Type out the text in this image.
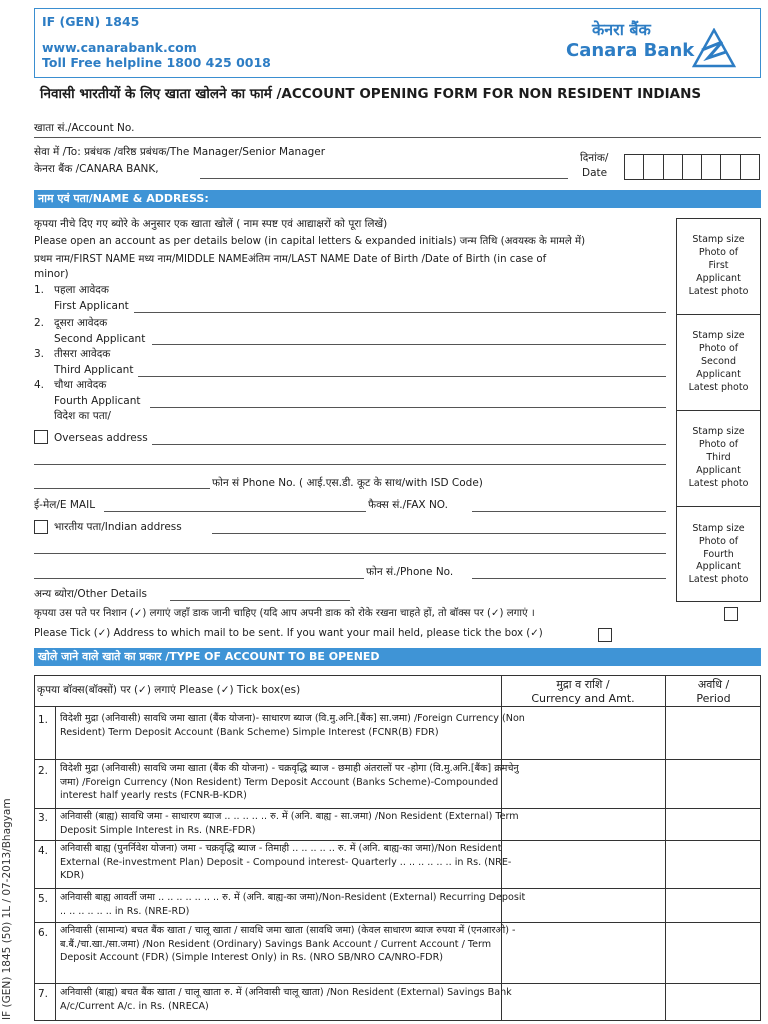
IF (GEN) 1845
www.canarabank.com
Toll Free helpline 1800 425 0018
केनरा बैंक
Canara Bank
निवासी भारतीयों के लिए खाता खोलने का फार्म /ACCOUNT OPENING FORM FOR NON RESIDENT INDIANS
खाता सं./Account No.
सेवा में /To: प्रबंधक /वरिष्ठ प्रबंधक/The Manager/Senior Manager
केनरा बैंक /CANARA BANK,
दिनांक/
Date
नाम एवं पता/NAME & ADDRESS:
कृपया नीचे दिए गए ब्योरे के अनुसार एक खाता खोलें ( नाम स्पष्ट एवं आद्याक्षरों को पूरा लिखें)
Please open an account as per details below (in capital letters & expanded initials) जन्म तिथि (अवयस्क के मामले में)
प्रथम नाम/FIRST NAME मध्य नाम/MIDDLE NAMEअंतिम नाम/LAST NAME Date of Birth /Date of Birth (in case of
minor)
1. पहला आवेदक
First Applicant
2. दूसरा आवेदक
Second Applicant
3. तीसरा आवेदक
Third Applicant
4. चौथा आवेदक
Fourth Applicant
Stamp size
Photo of
First
Applicant
Latest photo
Stamp size
Photo of
Second
Applicant
Latest photo
Stamp size
Photo of
Third
Applicant
Latest photo
Stamp size
Photo of
Fourth
Applicant
Latest photo
विदेश का पता/
Overseas address
फोन सं Phone No. ( आई.एस.डी. कूट के साथ/with ISD Code)
ई-मेल/E MAIL	फैक्स सं./FAX NO.
भारतीय पता/Indian address
फोन सं./Phone No.
अन्य ब्योरा/Other Details
कृपया उस पते पर निशान (✓) लगाएं जहाँ डाक जानी चाहिए (यदि आप अपनी डाक को रोके रखना चाहते हों, तो बॉक्स पर (✓) लगाएं ।
Please Tick (✓) Address to which mail to be sent. If you want your mail held, please tick the box (✓)
खोले जाने वाले खाते का प्रकार /TYPE OF ACCOUNT TO BE OPENED
कृपया बॉक्स(बॉक्सों) पर (✓) लगाएं Please (✓) Tick box(es)	मुद्रा व राशि /
Currency and Amt.
अवधि /
Period
1. विदेशी मुद्रा (अनिवासी) सावधि जमा खाता (बैंक योजना)- साधारण ब्याज (वि.मु.अनि.[बैंक] सा.जमा) /Foreign Currency (Non Resident) Term Deposit Account (Bank Scheme) Simple Interest (FCNR(B) FDR)
2. विदेशी मुद्रा (अनिवासी) सावधि जमा खाता (बैंक की योजना) - चक्रवृद्धि ब्याज - छमाही अंतरालों पर -होगा (वि.मु.अनि.[बैंक] क्रमचेनु जमा) /Foreign Currency (Non Resident) Term Deposit Account (Banks Scheme)-Compounded interest half yearly rests (FCNR-B-KDR)
3. अनिवासी (बाह्य) सावधि जमा - साधारण ब्याज .. .. .. .. .. रु. में (अनि. बाह्य - सा.जमा) /Non Resident (External) Term Deposit Simple Interest in Rs. (NRE-FDR)
4. अनिवासी बाह्य (पुनर्निवेश योजना) जमा - चक्रवृद्धि ब्याज - तिमाही .. .. .. .. .. रु. में (अनि. बाह्य-का जमा)/Non Resident External (Re-investment Plan) Deposit - Compound interest- Quarterly .. .. .. .. .. .. in Rs. (NRE-KDR)
5. अनिवासी बाह्य आवर्ती जमा .. .. .. .. .. .. .. रु. में (अनि. बाह्य-का जमा)/Non-Resident (External) Recurring Deposit .. .. .. .. .. .. in Rs. (NRE-RD)
6. अनिवासी (सामान्य) बचत बैंक खाता / चालू खाता / सावधि जमा खाता (सावधि जमा) (केवल साधारण ब्याज रुपया में (एनआरओ) - ब.बैं./चा.खा./सा.जमा) /Non Resident (Ordinary) Savings Bank Account / Current Account / Term Deposit Account (FDR) (Simple Interest Only) in Rs. (NRO SB/NRO CA/NRO-FDR)
7. अनिवासी (बाह्य) बचत बैंक खाता / चालू खाता रु. में (अनिवासी चालू खाता) /Non Resident (External) Savings Bank A/c/Current A/c. in Rs. (NRECA)
IF (GEN) 1845 (50) 1L / 07-2013/Bhagyam
